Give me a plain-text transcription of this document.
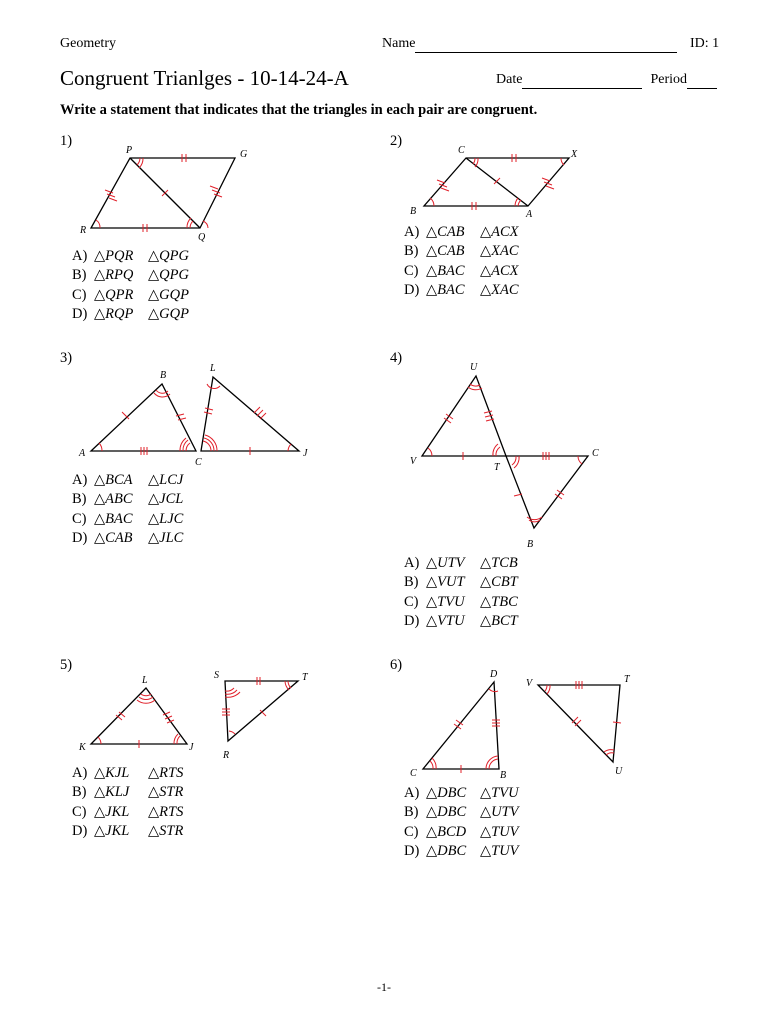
Geometry	Name	ID: 1
Congruent Trianlges - 10-14-24-A	Date	Period
Write a statement that indicates that the triangles in each pair are congruent.
1)
P	G
R
Q
A) △PQR △QPG
B) △RPQ △QPG
C) △QPR △GQP
D) △RQP △GQP
2)
C	X
B	A
A) △CAB △ACX
B) △CAB △XAC
C) △BAC △ACX
D) △BAC △XAC
3)
B
L
A
C
J
A) △BCA △LCJ
B) △ABC △JCL
C) △BAC △LJC
D) △CAB △JLC
4)
U
V
T
C
B
A) △UTV △TCB
B) △VUT △CBT
C) △TVU △TBC
D) △VTU △BCT
5)
L
K	J
S	T
R
A) △KJL △RTS
B) △KLJ △STR
C) △JKL △RTS
D) △JKL △STR
6)
D
C	B
V	T
U
A) △DBC △TVU
B) △DBC △UTV
C) △BCD △TUV
D) △DBC △TUV
-1-
